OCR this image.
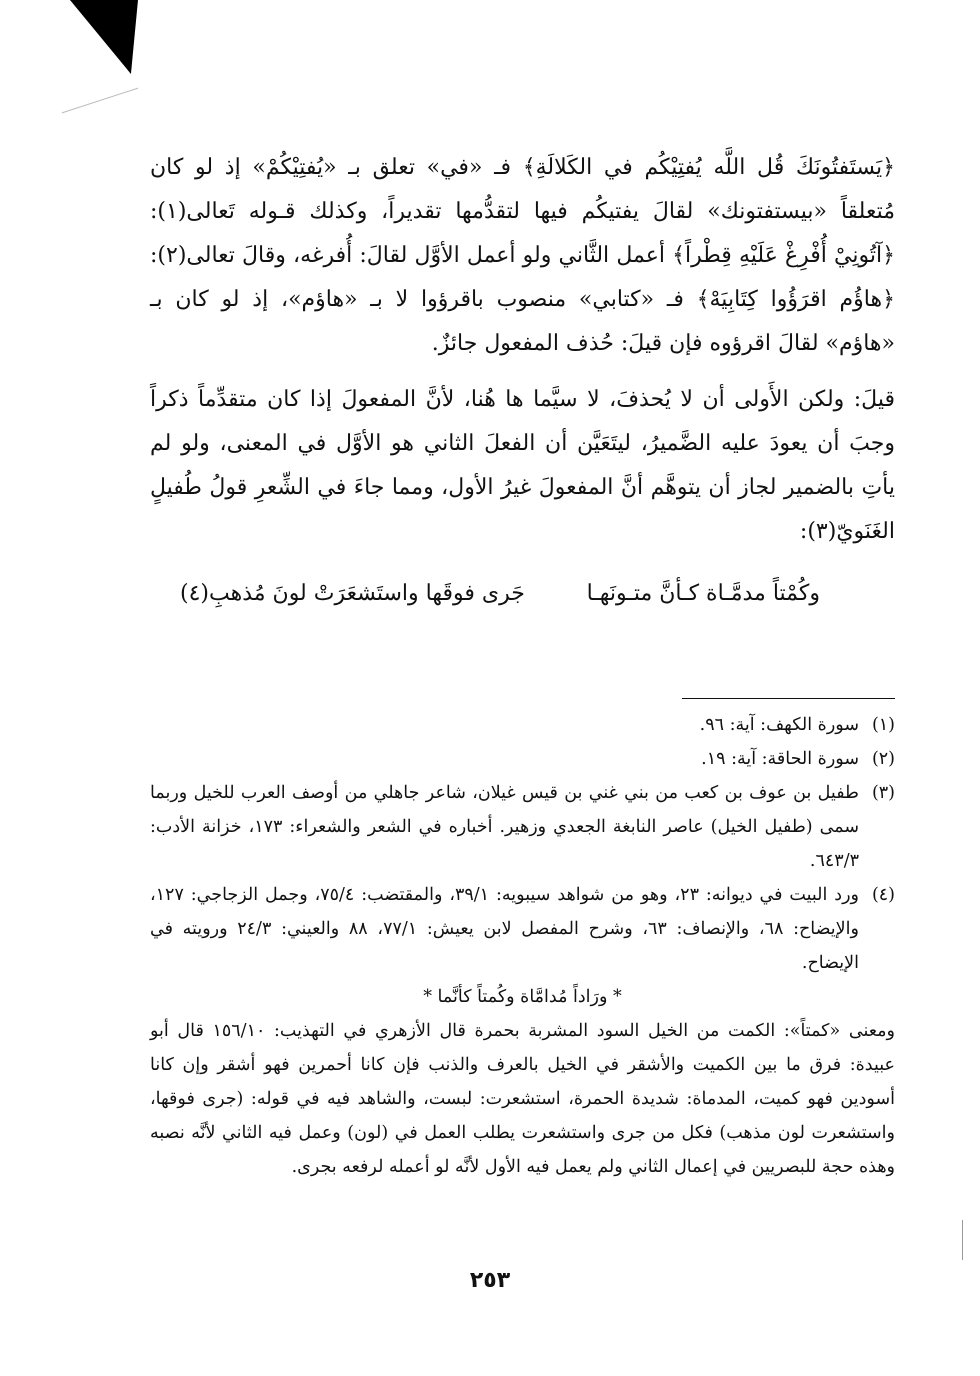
﴿يَستَفتُونَكَ قُل اللَّه يُفتِيْكُم في الكَلالَةِ﴾ فـ «في» تعلق بـ «يُفتِيْكُمْ» إذ لو كان مُتعلقاً «بيستفتونك» لقالَ يفتيكُم فيها لتقدُّمها تقديراً، وكذلك قـوله تَعالى(١): ﴿آتُونِيْ أُفْرِغْ عَلَيْهِ قِطْراً﴾ أعمل الثَّاني ولو أعمل الأوَّل لقالَ: أُفرغه، وقالَ تعالى(٢): ﴿هاؤُم اقرَؤُوا كِتَابِيَهْ﴾ فـ «كتابي» منصوب باقرؤوا لا بـ «هاؤم»، إذ لو كان بـ «هاؤم» لقالَ اقرؤوه فإن قيلَ: حُذف المفعول جائزٌ.

قيلَ: ولكن الأَولى أن لا يُحذفَ، لا سيَّما ها هُنا، لأنَّ المفعولَ إذا كان متقدِّماً ذكراً وجبَ أن يعودَ عليه الضَّميرُ، ليتَعَيَّن أن الفعلَ الثاني هو الأوَّل في المعنى، ولو لم يأتِ بالضمير لجاز أن يتوهَّم أنَّ المفعولَ غيرُ الأول، ومما جاءَ في الشِّعرِ قولُ طُفيلٍ الغَنَويّ(٣):

وكُمْتاً مدمَّـاة كـأنَّ متـونَهـا
جَرى فوقَها واستَشعَرَتْ لونَ مُذهبِ(٤)

(١)
سورة الكهف: آية: ٩٦.

(٢)
سورة الحاقة: آية: ١٩.

(٣)
طفيل بن عوف بن كعب من بني غني بن قيس غيلان، شاعر جاهلي من أوصف العرب للخيل وربما سمى (طفيل الخيل) عاصر النابغة الجعدي وزهير. أخباره في الشعر والشعراء: ١٧٣، خزانة الأدب: ٦٤٣/٣.

(٤)
ورد البيت في ديوانه: ٢٣، وهو من شواهد سيبويه: ٣٩/١، والمقتضب: ٧٥/٤، وجمل الزجاجي: ١٢٧، والإيضاح: ٦٨، والإنصاف: ٦٣، وشرح المفصل لابن يعيش: ٧٧/١، ٨٨ والعيني: ٢٤/٣ ورويته في الإيضاح.

* ورَاداً مُدامَّاة وكُمتاً كأنَّما *

ومعنى «كمتاً»: الكمت من الخيل السود المشربة بحمرة قال الأزهري في التهذيب: ١٥٦/١٠ قال أبو عبيدة: فرق ما بين الكميت والأشقر في الخيل بالعرف والذنب فإن كانا أحمرين فهو أشقر وإن كانا أسودين فهو كميت، المدماة: شديدة الحمرة، استشعرت: لبست، والشاهد فيه في قوله: (جرى فوقها، واستشعرت لون مذهب) فكل من جرى واستشعرت يطلب العمل في (لون) وعمل فيه الثاني لأنَّه نصبه وهذه حجة للبصريين في إعمال الثاني ولم يعمل فيه الأول لأنَّه لو أعمله لرفعه بجرى.

٢٥٣
